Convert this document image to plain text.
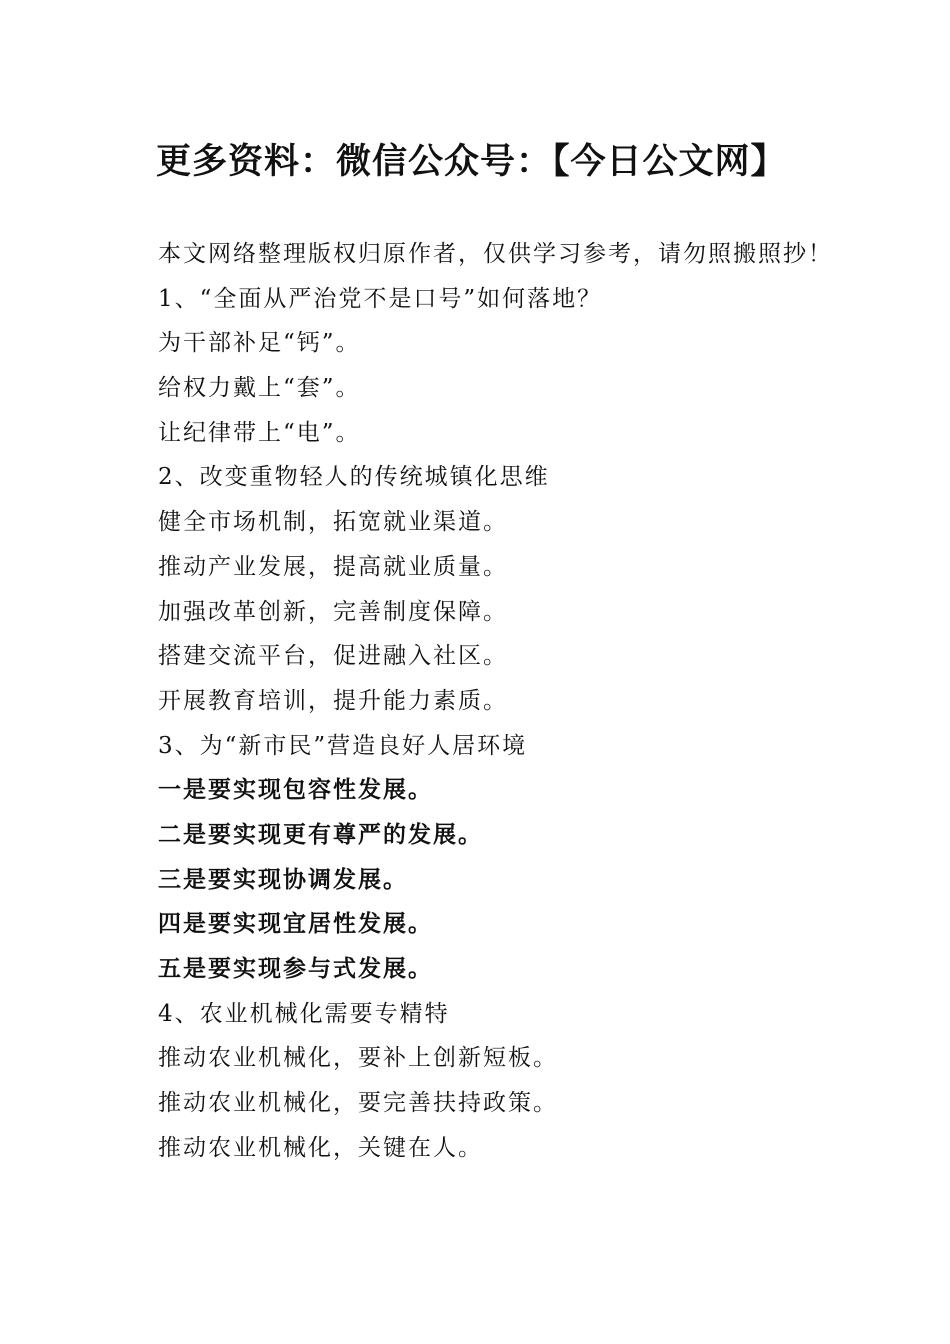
更多资料：微信公众号：【今日公文网】
本文网络整理版权归原作者，仅供学习参考，请勿照搬照抄！
1、“全面从严治党不是口号”如何落地？
为干部补足“钙”。
给权力戴上“套”。
让纪律带上“电”。
2、改变重物轻人的传统城镇化思维
健全市场机制，拓宽就业渠道。
推动产业发展，提高就业质量。
加强改革创新，完善制度保障。
搭建交流平台，促进融入社区。
开展教育培训，提升能力素质。
3、为“新市民”营造良好人居环境
一是要实现包容性发展。
二是要实现更有尊严的发展。
三是要实现协调发展。
四是要实现宜居性发展。
五是要实现参与式发展。
4、农业机械化需要专精特
推动农业机械化，要补上创新短板。
推动农业机械化，要完善扶持政策。
推动农业机械化，关键在人。
